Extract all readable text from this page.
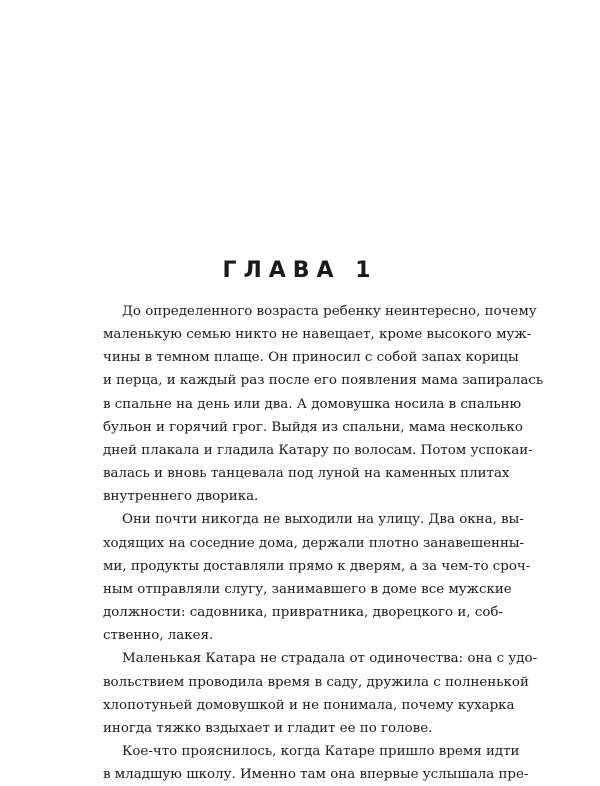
ГЛАВА 1
До определенного возраста ребенку неинтересно, почему
маленькую семью никто не навещает, кроме высокого муж-
чины в темном плаще. Он приносил с собой запах корицы
и перца, и каждый раз после его появления мама запиралась
в спальне на день или два. А домовушка носила в спальню
бульон и горячий грог. Выйдя из спальни, мама несколько
дней плакала и гладила Катару по волосам. Потом успокаи-
валась и вновь танцевала под луной на каменных плитах
внутреннего дворика.
Они почти никогда не выходили на улицу. Два окна, вы-
ходящих на соседние дома, держали плотно занавешенны-
ми, продукты доставляли прямо к дверям, а за чем-то сроч-
ным отправляли слугу, занимавшего в доме все мужские
должности: садовника, привратника, дворецкого и, соб-
ственно, лакея.
Маленькая Катара не страдала от одиночества: она с удо-
вольствием проводила время в саду, дружила с полненькой
хлопотуньей домовушкой и не понимала, почему кухарка
иногда тяжко вздыхает и гладит ее по голове.
Кое-что прояснилось, когда Катаре пришло время идти
в младшую школу. Именно там она впервые услышала пре-
